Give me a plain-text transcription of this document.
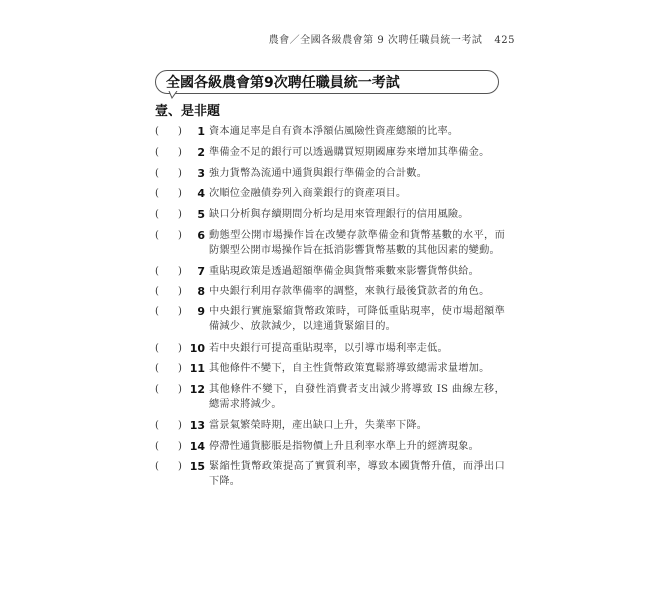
農會／全國各級農會第 9 次聘任職員統一考試 425
全國各級農會第9次聘任職員統一考試
壹、是非題
(      )	1 資本適足率是自有資本淨額佔風險性資產總額的比率。
(      )	2 準備金不足的銀行可以透過購買短期國庫券來增加其準備金。
(      )	3 強力貨幣為流通中通貨與銀行準備金的合計數。
(      )	4 次順位金融債券列入商業銀行的資產項目。
(      )	5 缺口分析與存續期間分析均是用來管理銀行的信用風險。
(      )	6 動態型公開市場操作旨在改變存款準備金和貨幣基數的水平，而防禦型公開市場操作旨在抵消影響貨幣基數的其他因素的變動。
(      )	7 重貼現政策是透過超額準備金與貨幣乘數來影響貨幣供給。
(      )	8 中央銀行利用存款準備率的調整，來執行最後貸款者的角色。
(      )	9 中央銀行實施緊縮貨幣政策時，可降低重貼現率，使市場超額準備減少、放款減少，以達通貨緊縮目的。
(      ) 10 若中央銀行可提高重貼現率，以引導市場利率走低。
(      ) 11 其他條件不變下，自主性貨幣政策寬鬆將導致總需求量增加。
(      ) 12 其他條件不變下，自發性消費者支出減少將導致 IS 曲線左移，總需求將減少。
(      ) 13 當景氣繁榮時期，產出缺口上升，失業率下降。
(      ) 14 停滯性通貨膨脹是指物價上升且利率水準上升的經濟現象。
(      ) 15 緊縮性貨幣政策提高了實質利率，導致本國貨幣升值，而淨出口下降。
